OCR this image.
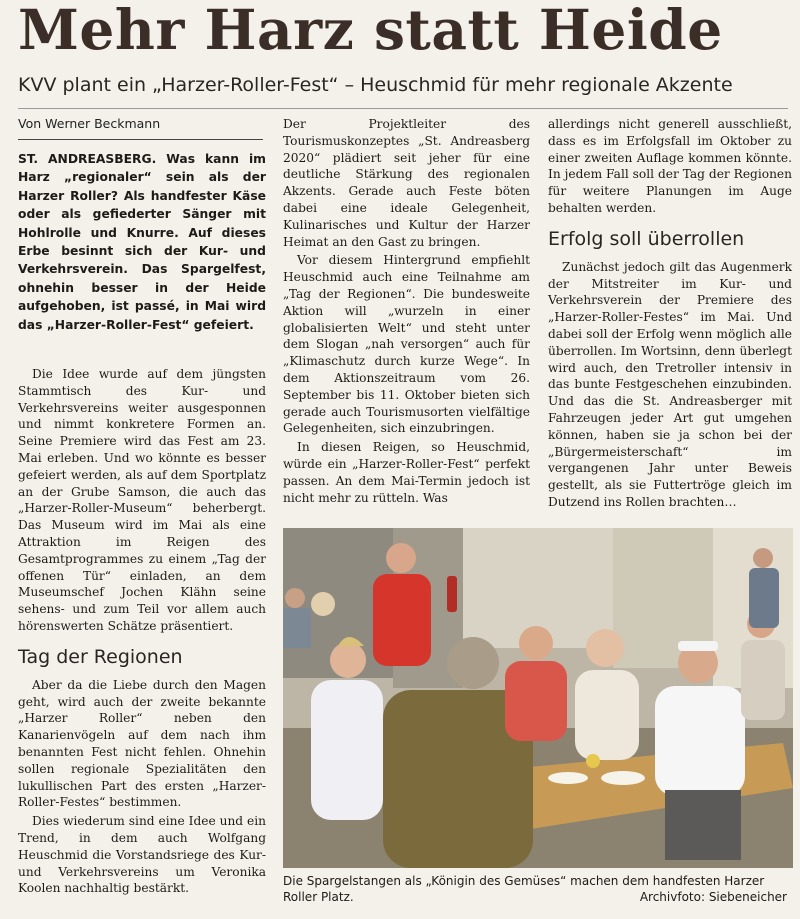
Mehr Harz statt Heide
KVV plant ein „Harzer-Roller-Fest“ – Heuschmid für mehr regionale Akzente
Von Werner Beckmann
ST. ANDREASBERG. Was kann im Harz „regionaler“ sein als der Harzer Roller? Als handfester Käse oder als gefiederter Sänger mit Hohlrolle und Knurre. Auf dieses Erbe besinnt sich der Kur- und Verkehrsverein. Das Spargelfest, ohnehin besser in der Heide aufgehoben, ist passé, in Mai wird das „Harzer-Roller-Fest“ gefeiert.

Die Idee wurde auf dem jüngsten Stammtisch des Kur- und Verkehrsvereins weiter ausgesponnen und nimmt konkretere Formen an. Seine Premiere wird das Fest am 23. Mai erleben. Und wo könnte es besser gefeiert werden, als auf dem Sportplatz an der Grube Samson, die auch das „Harzer-Roller-Museum“ beherbergt. Das Museum wird im Mai als eine Attraktion im Reigen des Gesamtprogrammes zu einem „Tag der offenen Tür“ einladen, an dem Museumschef Jochen Klähn seine sehens- und zum Teil vor allem auch hörenswerten Schätze präsentiert.

Tag der Regionen

Aber da die Liebe durch den Magen geht, wird auch der zweite bekannte „Harzer Roller“ neben den Kanarienvögeln auf dem nach ihm benannten Fest nicht fehlen. Ohnehin sollen regionale Spezialitäten den lukullischen Part des ersten „Harzer-Roller-Festes“ bestimmen.

Dies wiederum sind eine Idee und ein Trend, in dem auch Wolfgang Heuschmid die Vorstandsriege des Kur- und Verkehrsvereins um Veronika Koolen nachhaltig bestärkt.

Der Projektleiter des Tourismuskonzeptes „St. Andreasberg 2020“ plädiert seit jeher für eine deutliche Stärkung des regionalen Akzents. Gerade auch Feste böten dabei eine ideale Gelegenheit, Kulinarisches und Kultur der Harzer Heimat an den Gast zu bringen.

Vor diesem Hintergrund empfiehlt Heuschmid auch eine Teilnahme am „Tag der Regionen“. Die bundesweite Aktion will „wurzeln in einer globalisierten Welt“ und steht unter dem Slogan „nah versorgen“ auch für „Klimaschutz durch kurze Wege“. In dem Aktionszeitraum vom 26. September bis 11. Oktober bieten sich gerade auch Tourismusorten vielfältige Gelegenheiten, sich einzubringen.

In diesen Reigen, so Heuschmid, würde ein „Harzer-Roller-Fest“ perfekt passen. An dem Mai-Termin jedoch ist nicht mehr zu rütteln. Was

allerdings nicht generell ausschließt, dass es im Erfolgsfall im Oktober zu einer zweiten Auflage kommen könnte. In jedem Fall soll der Tag der Regionen für weitere Planungen im Auge behalten werden.

Erfolg soll überrollen

Zunächst jedoch gilt das Augenmerk der Mitstreiter im Kur- und Verkehrsverein der Premiere des „Harzer-Roller-Festes“ im Mai. Und dabei soll der Erfolg wenn möglich alle überrollen. Im Wortsinn, denn überlegt wird auch, den Tretroller intensiv in das bunte Festgeschehen einzubinden. Und das die St. Andreasberger mit Fahrzeugen jeder Art gut umgehen können, haben sie ja schon bei der „Bürgermeisterschaft“ im vergangenen Jahr unter Beweis gestellt, als sie Futtertröge gleich im Dutzend ins Rollen brachten…

Die Spargelstangen als „Königin des Gemüses“ machen dem handfesten Harzer Roller Platz.	Archivfoto: Siebeneicher
